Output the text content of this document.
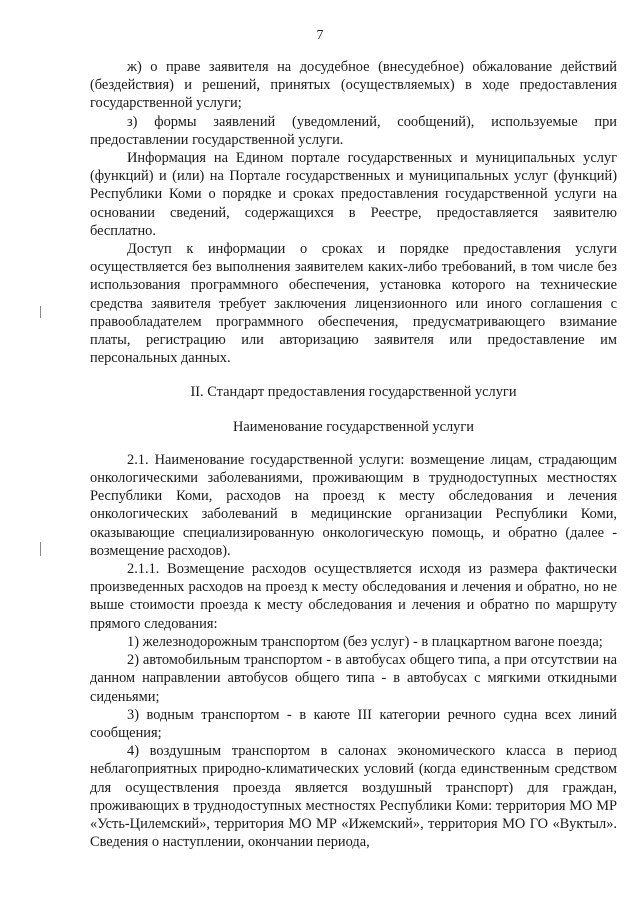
7

ж) о праве заявителя на досудебное (внесудебное) обжалование действий (бездействия) и решений, принятых (осуществляемых) в ходе предоставления государственной услуги;

з) формы заявлений (уведомлений, сообщений), используемые при предоставлении государственной услуги.

Информация на Едином портале государственных и муниципальных услуг (функций) и (или) на Портале государственных и муниципальных услуг (функций) Республики Коми о порядке и сроках предоставления государственной услуги на основании сведений, содержащихся в Реестре, предоставляется заявителю бесплатно.

Доступ к информации о сроках и порядке предоставления услуги осуществляется без выполнения заявителем каких-либо требований, в том числе без использования программного обеспечения, установка которого на технические средства заявителя требует заключения лицензионного или иного соглашения с правообладателем программного обеспечения, предусматривающего взимание платы, регистрацию или авторизацию заявителя или предоставление им персональных данных.

II. Стандарт предоставления государственной услуги
Наименование государственной услуги

2.1. Наименование государственной услуги: возмещение лицам, страдающим онкологическими заболеваниями, проживающим в труднодоступных местностях Республики Коми, расходов на проезд к месту обследования и лечения онкологических заболеваний в медицинские организации Республики Коми, оказывающие специализированную онкологическую помощь, и обратно (далее - возмещение расходов).

2.1.1. Возмещение расходов осуществляется исходя из размера фактически произведенных расходов на проезд к месту обследования и лечения и обратно, но не выше стоимости проезда к месту обследования и лечения и обратно по маршруту прямого следования:

1) железнодорожным транспортом (без услуг) - в плацкартном вагоне поезда;

2) автомобильным транспортом - в автобусах общего типа, а при отсутствии на данном направлении автобусов общего типа - в автобусах с мягкими откидными сиденьями;

3) водным транспортом - в каюте III категории речного судна всех линий сообщения;

4) воздушным транспортом в салонах экономического класса в период неблагоприятных природно-климатических условий (когда единственным средством для осуществления проезда является воздушный транспорт) для граждан, проживающих в труднодоступных местностях Республики Коми: территория МО МР «Усть-Цилемский», территория МО МР «Ижемский», территория МО ГО «Вуктыл». Сведения о наступлении, окончании периода,
